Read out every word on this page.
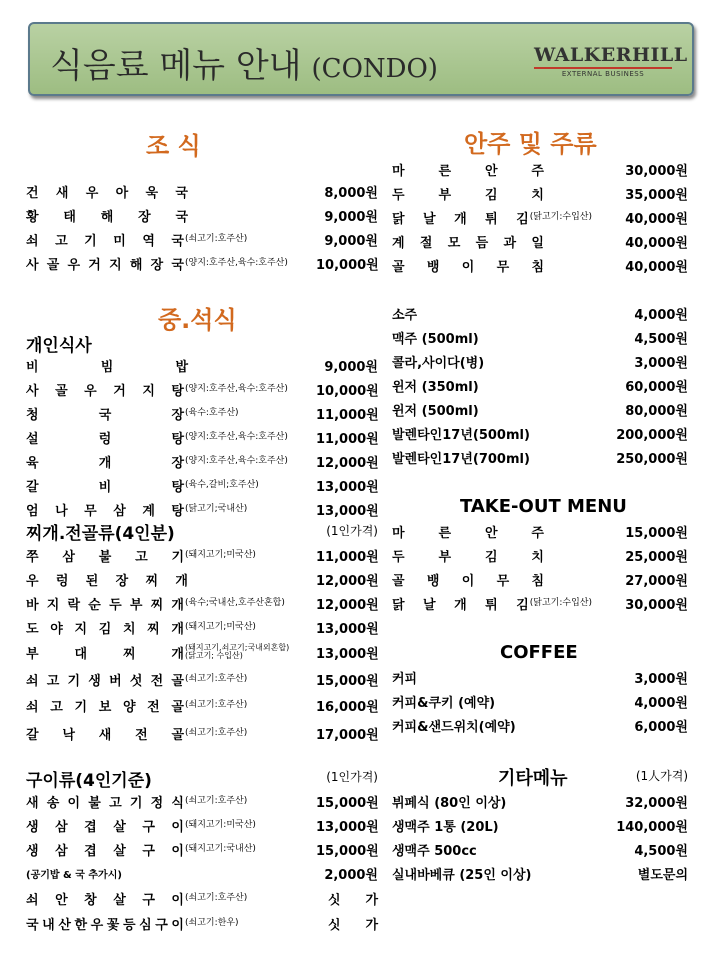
식음료 메뉴 안내 (CONDO)	WALKERHILL
EXTERNAL BUSINESS
조 식
건 새 우 아 욱 국	8,000원
황 태 해 장 국	9,000원
쇠 고 기 미 역 국 (쇠고기:호주산)	9,000원
사 골 우 거 지 해 장 국 (양지:호주산,육수:호주산) 10,000원
중.석식
개인식사
비	빔	밥	9,000원
사 골 우 거 지 탕 (양지:호주산,육수:호주산) 10,000원
청	국	장 (육수:호주산)	11,000원
설	렁	탕 (양지:호주산,육수:호주산) 11,000원
육	개	장 (양지:호주산,육수:호주산) 12,000원
갈	비	탕 (육수,갈비;호주산)	13,000원
엄 나 무 삼 계 탕 (닭고기;국내산)	13,000원
찌개.전골류(4인분)	(1인가격)
쭈 삼 불 고 기 (돼지고기;미국산)	11,000원
우 렁 된 장 찌 개	12,000원
바 지 락 순 두 부 찌 개 (육수;국내산,호주산혼합) 12,000원
도 야 지 김 치 찌 개 (돼지고기;미국산)	13,000원
부	대	찌	개 (돼지고기,쇠고기;국내외혼합)
(닭고기; 수입산)	13,000원
쇠 고 기 생 버 섯 전 골 (쇠고기:호주산)	15,000원
쇠 고 기 보 양 전 골 (쇠고기:호주산)	16,000원
갈 낙 새 전 골 (쇠고기:호주산)	17,000원
구이류(4인기준)	(1인가격)
새 송 이 불 고 기 정 식 (쇠고기:호주산)	15,000원
생 삼 겹 살 구 이 (돼지고기:미국산)	13,000원
생 삼 겹 살 구 이 (돼지고기:국내산)	15,000원
(공기밥 & 국 추가시)	2,000원
쇠 안 창 살 구 이 (쇠고기:호주산)	싯 가
국 내 산 한 우 꽃 등 심 구 이 (쇠고기:한우)	싯 가
안주 및 주류
마	른	안	주	30,000원
두	부	김	치	35,000원
닭 날 개 튀 김 (닭고기:수입산)	40,000원
계 절 모 듬 과 일	40,000원
골 뱅 이 무 침	40,000원
소주	4,000원
맥주 (500ml)	4,500원
콜라,사이다(병)	3,000원
윈저 (350ml)	60,000원
윈저 (500ml)	80,000원
발렌타인17년(500ml)	200,000원
발렌타인17년(700ml)	250,000원
TAKE-OUT MENU
마	른	안	주	15,000원
두	부	김	치	25,000원
골 뱅 이 무 침	27,000원
닭 날 개 튀 김 (닭고기:수입산)	30,000원
COFFEE
커피	3,000원
커피&쿠키 (예약)	4,000원
커피&샌드위치(예약)	6,000원
기타메뉴	(1人가격)
뷔페식 (80인 이상)	32,000원
생맥주 1통 (20L)	140,000원
생맥주 500cc	4,500원
실내바베큐 (25인 이상)	별도문의
